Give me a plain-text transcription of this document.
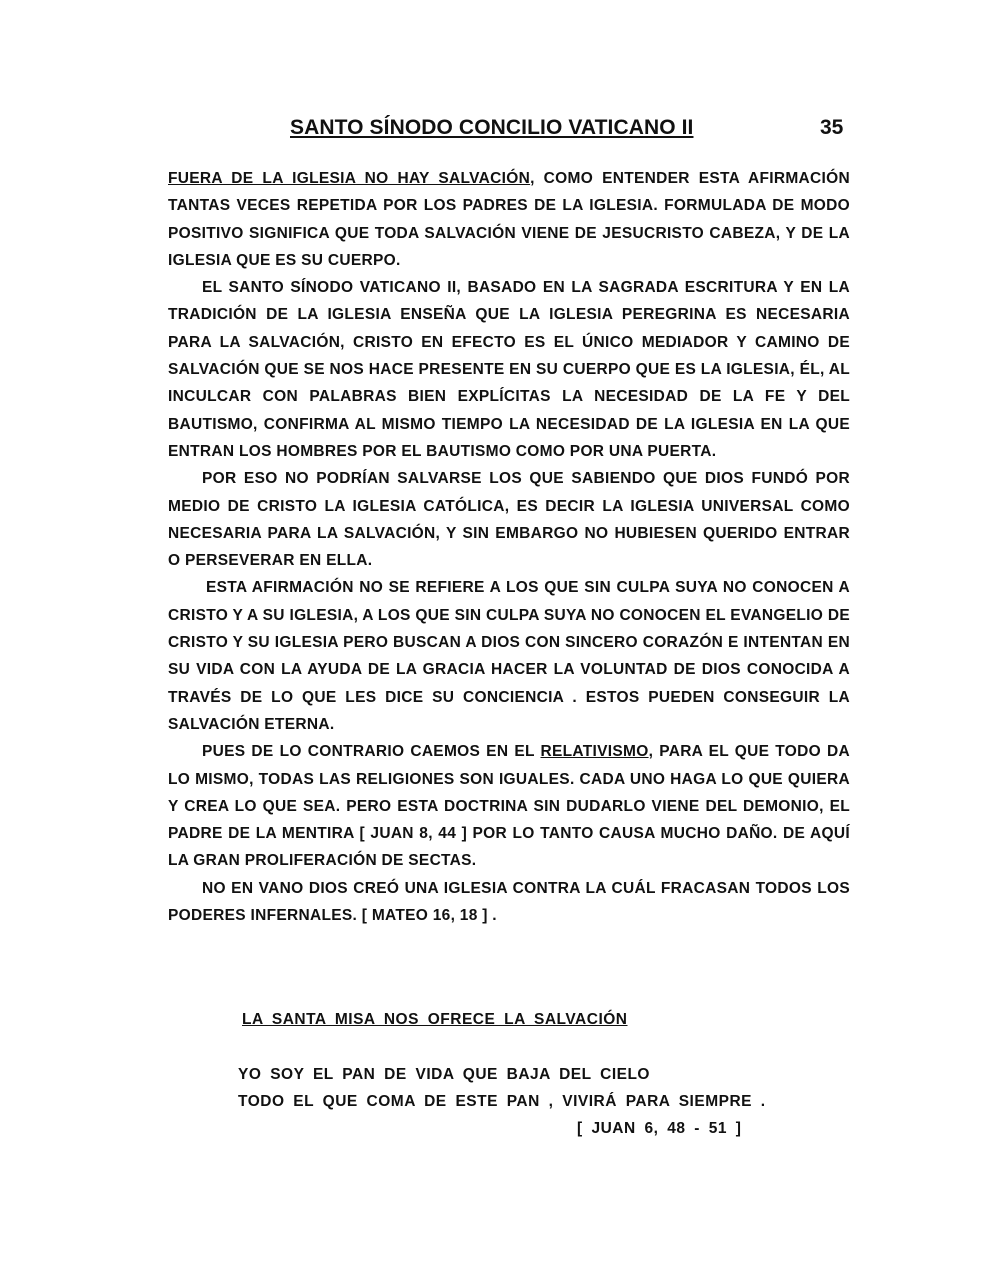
SANTO SÍNODO CONCILIO VATICANO II	35

FUERA DE LA IGLESIA NO HAY SALVACIÓN, COMO ENTENDER ESTA AFIRMACIÓN TANTAS VECES REPETIDA POR LOS PADRES DE LA IGLESIA. FORMULADA DE MODO POSITIVO SIGNIFICA QUE TODA SALVACIÓN VIENE DE JESUCRISTO CABEZA, Y DE LA IGLESIA QUE ES SU CUERPO.

EL SANTO SÍNODO VATICANO II, BASADO EN LA SAGRADA ESCRITURA Y EN LA TRADICIÓN DE LA IGLESIA ENSEÑA QUE LA IGLESIA PEREGRINA ES NECESARIA PARA LA SALVACIÓN, CRISTO EN EFECTO ES EL ÚNICO MEDIADOR Y CAMINO DE SALVACIÓN QUE SE NOS HACE PRESENTE EN SU CUERPO QUE ES LA IGLESIA, ÉL, AL INCULCAR CON PALABRAS BIEN EXPLÍCITAS LA NECESIDAD DE LA FE Y DEL BAUTISMO, CONFIRMA AL MISMO TIEMPO LA NECESIDAD DE LA IGLESIA EN LA QUE ENTRAN LOS HOMBRES POR EL BAUTISMO COMO POR UNA PUERTA.

POR ESO NO PODRÍAN SALVARSE LOS QUE SABIENDO QUE DIOS FUNDÓ POR MEDIO DE CRISTO LA IGLESIA CATÓLICA, ES DECIR LA IGLESIA UNIVERSAL COMO NECESARIA PARA LA SALVACIÓN, Y SIN EMBARGO NO HUBIESEN QUERIDO ENTRAR O PERSEVERAR EN ELLA.

ESTA AFIRMACIÓN NO SE REFIERE A LOS QUE SIN CULPA SUYA NO CONOCEN A CRISTO Y A SU IGLESIA, A LOS QUE SIN CULPA SUYA NO CONOCEN EL EVANGELIO DE CRISTO Y SU IGLESIA PERO BUSCAN A DIOS CON SINCERO CORAZÓN E INTENTAN EN SU VIDA CON LA AYUDA DE LA GRACIA HACER LA VOLUNTAD DE DIOS CONOCIDA A TRAVÉS DE LO QUE LES DICE SU CONCIENCIA . ESTOS PUEDEN CONSEGUIR LA SALVACIÓN ETERNA.

PUES DE LO CONTRARIO CAEMOS EN EL RELATIVISMO, PARA EL QUE TODO DA LO MISMO, TODAS LAS RELIGIONES SON IGUALES. CADA UNO HAGA LO QUE QUIERA Y CREA LO QUE SEA. PERO ESTA DOCTRINA SIN DUDARLO VIENE DEL DEMONIO, EL PADRE DE LA MENTIRA [ JUAN 8, 44 ] POR LO TANTO CAUSA MUCHO DAÑO. DE AQUÍ LA GRAN PROLIFERACIÓN DE SECTAS.

NO EN VANO DIOS CREÓ UNA IGLESIA CONTRA LA CUÁL FRACASAN TODOS LOS PODERES INFERNALES. [ MATEO 16, 18 ] .

LA SANTA MISA NOS OFRECE LA SALVACIÓN
YO SOY EL PAN DE VIDA QUE BAJA DEL CIELO
TODO EL QUE COMA DE ESTE PAN , VIVIRÁ PARA SIEMPRE .
[ JUAN 6, 48 - 51 ]
